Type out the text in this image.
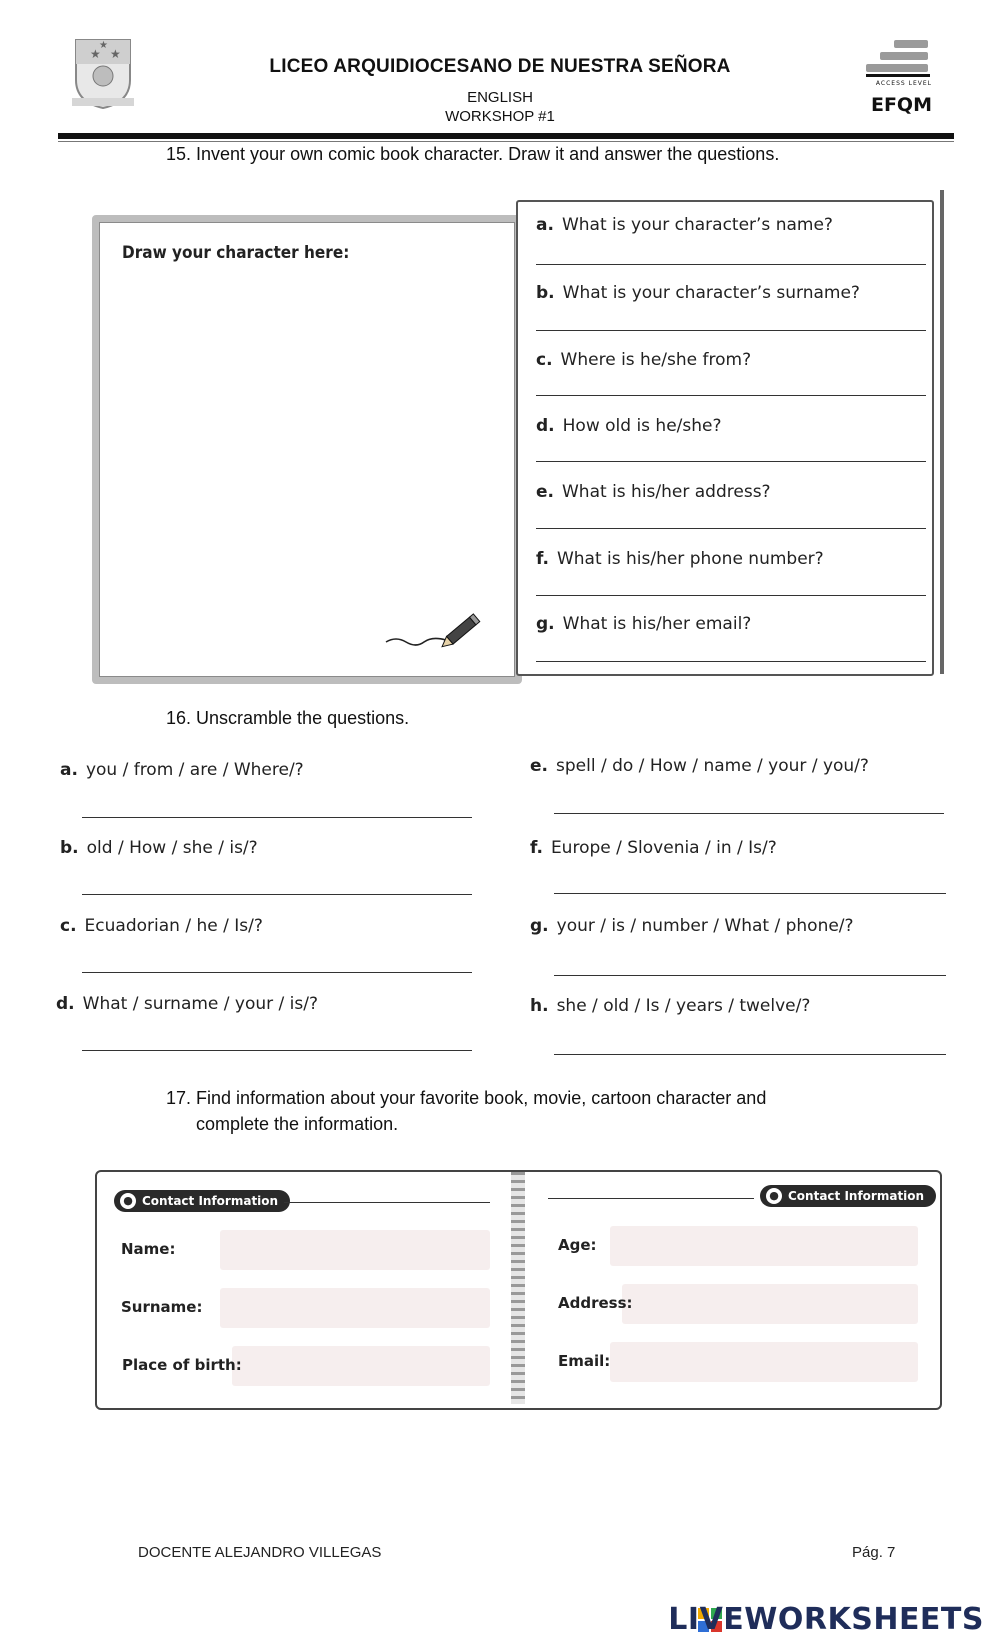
★ ★
★
LICEO ARQUIDIOCESANO DE NUESTRA SEÑORA
ENGLISH
WORKSHOP #1
ACCESS LEVEL
EFQM
15. Invent your own comic book character. Draw it and answer the questions.
Draw your character here:
a. What is your character’s name?
b. What is your character’s surname?
c. Where is he/she from?
d. How old is he/she?
e. What is his/her address?
f. What is his/her phone number?
g. What is his/her email?
16. Unscramble the questions.
a. you / from / are / Where/?
b. old / How / she / is/?
c. Ecuadorian / he / Is/?
d. What / surname / your / is/?
e. spell / do / How / name / your / you/?
f. Europe / Slovenia / in / Is/?
g. your / is / number / What / phone/?
h. she / old / Is / years / twelve/?
17. Find information about your favorite book, movie, cartoon character and
complete the information.
● Contact Information	● Contact Information
Name:
Surname:
Place of birth:
Age:
Address:
Email:
DOCENTE ALEJANDRO VILLEGAS	Pág. 7
LIVEWORKSHEETS
